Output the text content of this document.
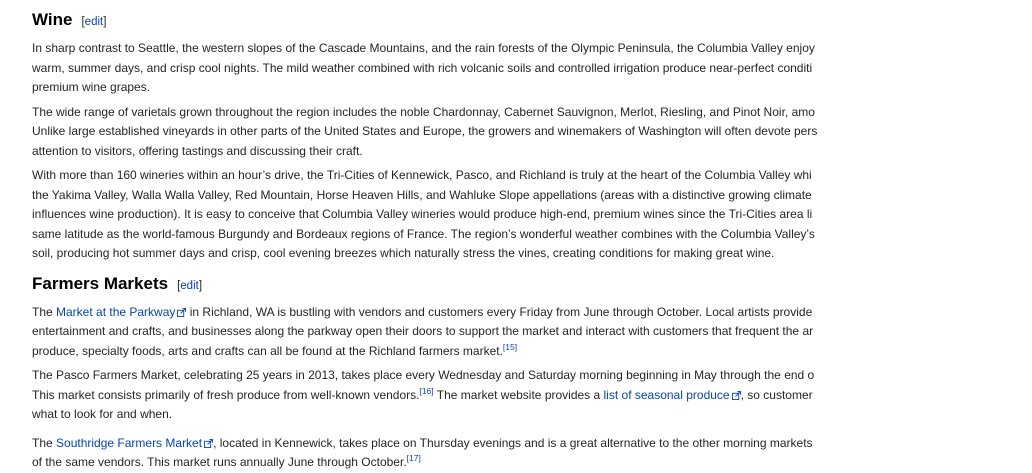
Wine [edit]

In sharp contrast to Seattle, the western slopes of the Cascade Mountains, and the rain forests of the Olympic Peninsula, the Columbia Valley enjoy
warm, summer days, and crisp cool nights. The mild weather combined with rich volcanic soils and controlled irrigation produce near-perfect conditi
premium wine grapes.

The wide range of varietals grown throughout the region includes the noble Chardonnay, Cabernet Sauvignon, Merlot, Riesling, and Pinot Noir, amo
Unlike large established vineyards in other parts of the United States and Europe, the growers and winemakers of Washington will often devote pers
attention to visitors, offering tastings and discussing their craft.

With more than 160 wineries within an hour’s drive, the Tri-Cities of Kennewick, Pasco, and Richland is truly at the heart of the Columbia Valley whi
the Yakima Valley, Walla Walla Valley, Red Mountain, Horse Heaven Hills, and Wahluke Slope appellations (areas with a distinctive growing climate
influences wine production). It is easy to conceive that Columbia Valley wineries would produce high-end, premium wines since the Tri-Cities area li
same latitude as the world-famous Burgundy and Bordeaux regions of France. The region’s wonderful weather combines with the Columbia Valley’s
soil, producing hot summer days and crisp, cool evening breezes which naturally stress the vines, creating conditions for making great wine.

Farmers Markets [edit]

The Market at the Parkway in Richland, WA is bustling with vendors and customers every Friday from June through October. Local artists provide
entertainment and crafts, and businesses along the parkway open their doors to support the market and interact with customers that frequent the ar
produce, specialty foods, arts and crafts can all be found at the Richland farmers market.[15]

The Pasco Farmers Market, celebrating 25 years in 2013, takes place every Wednesday and Saturday morning beginning in May through the end o
This market consists primarily of fresh produce from well-known vendors.[16] The market website provides a list of seasonal produce , so customer
what to look for and when.

The Southridge Farmers Market , located in Kennewick, takes place on Thursday evenings and is a great alternative to the other morning markets
of the same vendors. This market runs annually June through October.[17]
